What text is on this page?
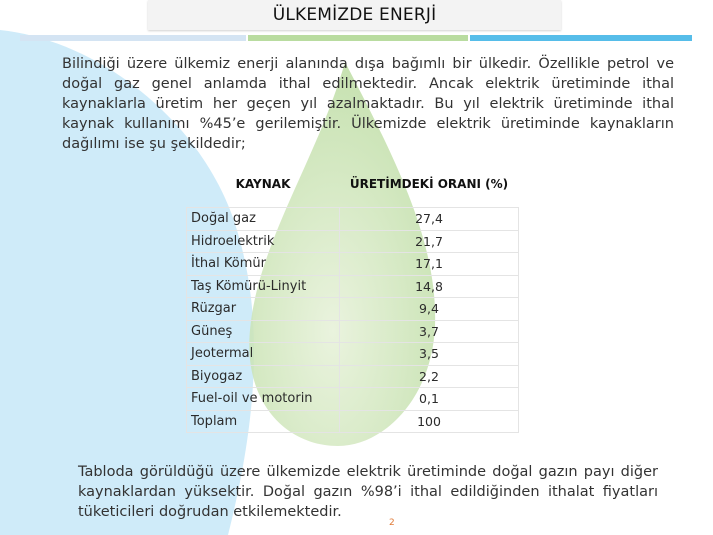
ÜLKEMİZDE ENERJİ
Bilindiği üzere ülkemiz enerji alanında dışa bağımlı bir ülkedir. Özellikle petrol ve doğal gaz genel anlamda ithal edilmektedir. Ancak elektrik üretiminde ithal kaynaklarla üretim her geçen yıl azalmaktadır. Bu yıl elektrik üretiminde ithal kaynak kullanımı %45’e gerilemiştir. Ülkemizde elektrik üretiminde kaynakların dağılımı ise şu şekildedir;
KAYNAK	ÜRETİMDEKİ ORANI (%)
Doğal gaz	27,4
Hidroelektrik	21,7
İthal Kömür	17,1
Taş Kömürü-Linyit	14,8
Rüzgar	9,4
Güneş	3,7
Jeotermal	3,5
Biyogaz	2,2
Fuel-oil ve motorin	0,1
Toplam	100
Tabloda görüldüğü üzere ülkemizde elektrik üretiminde doğal gazın payı diğer kaynaklardan yüksektir. Doğal gazın %98’i ithal edildiğinden ithalat fiyatları tüketicileri doğrudan etkilemektedir.
2
